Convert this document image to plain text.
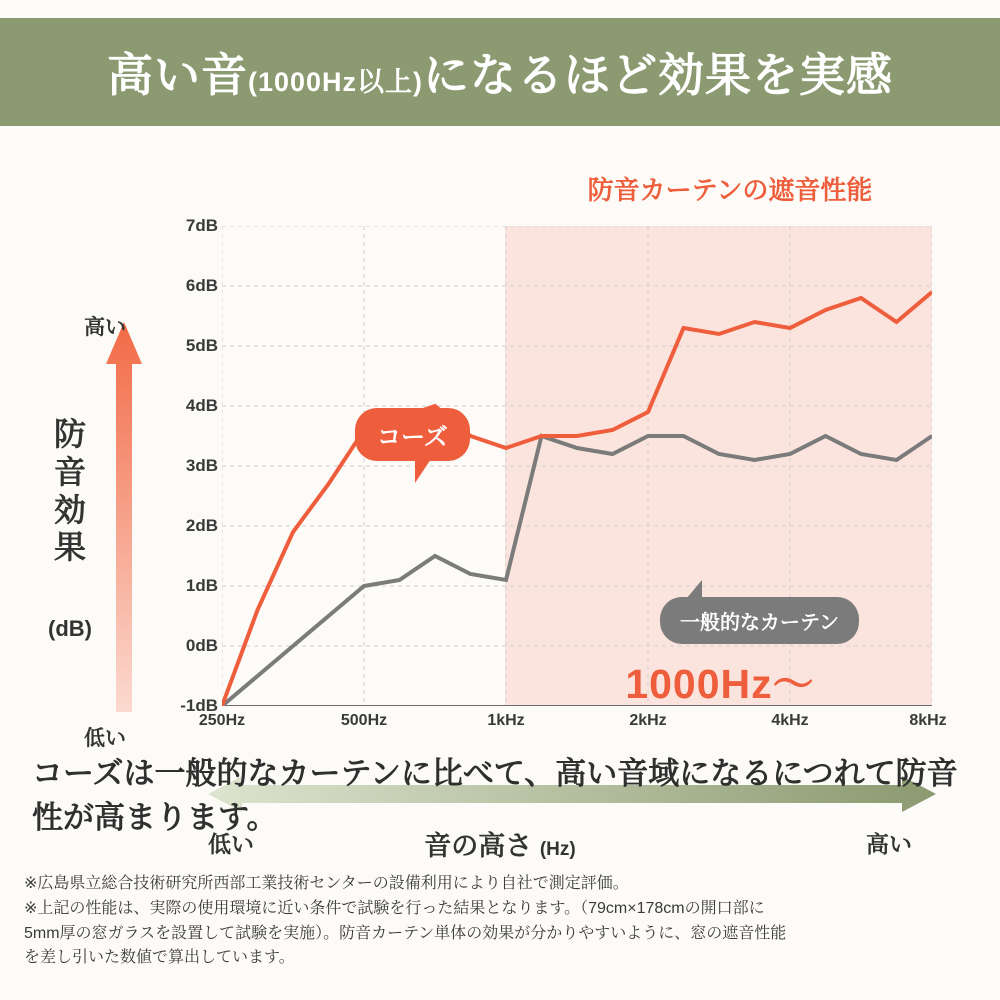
高い音 (1000Hz以上) になるほど効果を実感
防音カーテンの遮音性能
1000Hz〜
高い
低い
防音効果
(dB)
7dB
6dB
5dB
4dB
3dB
2dB
1dB
0dB
-1dB
250Hz	500Hz	1kHz	2kHz	4kHz	8kHz
コーズ
一般的なカーテン
低い	高い
音の高さ (Hz)
コーズは一般的なカーテンに比べて、高い音域になるにつれて防音性が高まります。
※広島県立総合技術研究所西部工業技術センターの設備利用により自社で測定評価。
※上記の性能は、実際の使用環境に近い条件で試験を行った結果となります。（79cm×178cmの開口部に
5mm厚の窓ガラスを設置して試験を実施）。防音カーテン単体の効果が分かりやすいように、窓の遮音性能
を差し引いた数値で算出しています。
